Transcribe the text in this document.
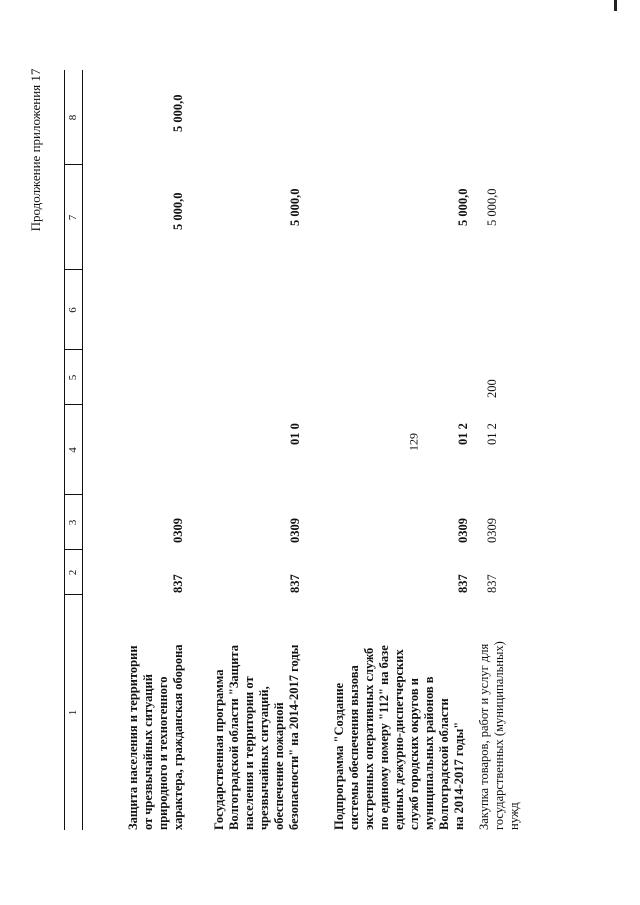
129
Продолжение приложения 17
1
2
3
4
5
6
7
8
Защита населения и территории
от чрезвычайных ситуаций
природного и техногенного
характера, гражданская оборона
837
0309
5 000,0
5 000,0
Государственная программа
Волгоградской области "Защита
населения и территории от
чрезвычайных ситуаций,
обеспечение пожарной
безопасности" на 2014-2017 годы
837
0309
01 0
5 000,0
Подпрограмма "Создание
системы обеспечения вызова
экстренных оперативных служб
по единому номеру "112" на базе
единых дежурно-диспетчерских
служб городских округов и
муниципальных районов в
Волгоградской области
на 2014-2017 годы"
837
0309
01 2
5 000,0
Закупка товаров, работ и услуг для
государственных (муниципальных)
нужд
837
0309
01 2
200
5 000,0
